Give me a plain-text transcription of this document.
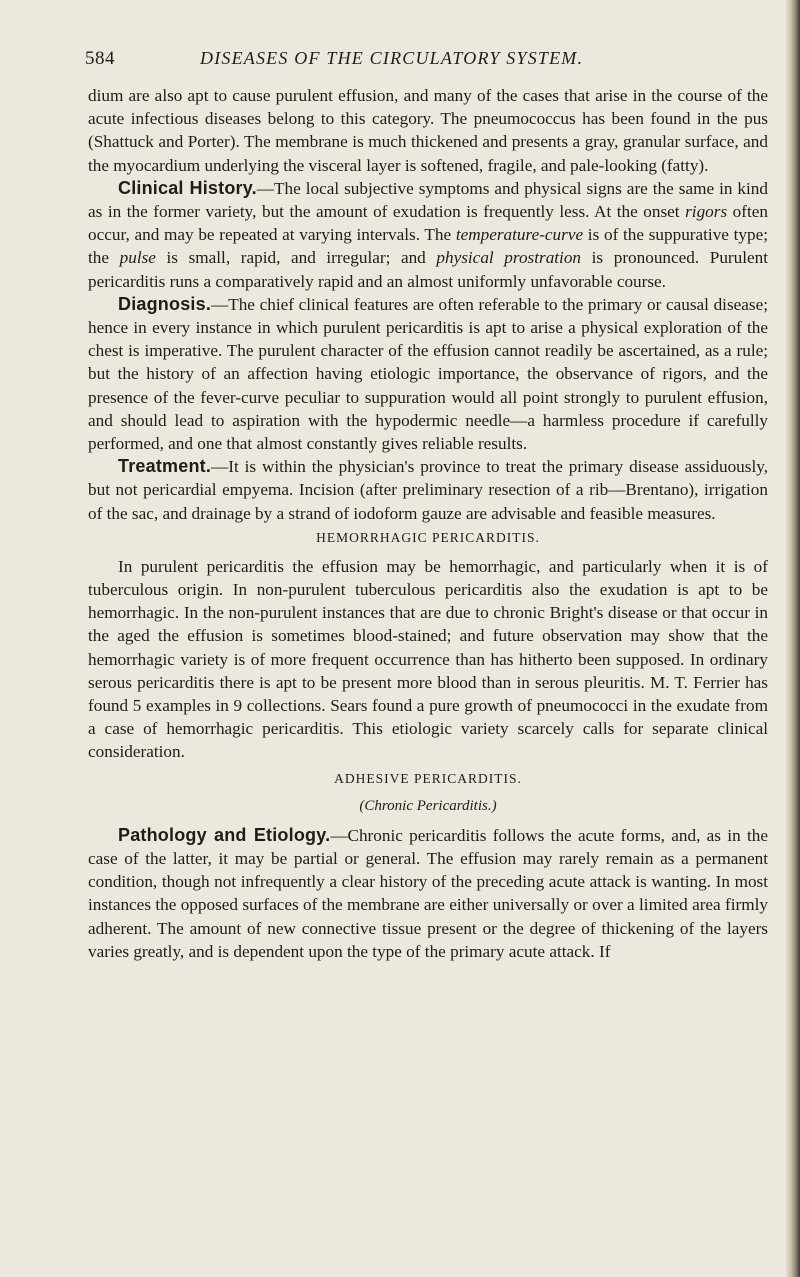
584	DISEASES OF THE CIRCULATORY SYSTEM.

dium are also apt to cause purulent effusion, and many of the cases that arise in the course of the acute infectious diseases belong to this category. The pneumococcus has been found in the pus (Shattuck and Porter). The membrane is much thickened and presents a gray, granular surface, and the myocardium underlying the visceral layer is softened, fragile, and pale-looking (fatty).

Clinical History.—The local subjective symptoms and physical signs are the same in kind as in the former variety, but the amount of exudation is frequently less. At the onset rigors often occur, and may be repeated at varying intervals. The temperature-curve is of the suppurative type; the pulse is small, rapid, and irregular; and physical prostration is pronounced. Purulent pericarditis runs a comparatively rapid and an almost uniformly unfavorable course.

Diagnosis.—The chief clinical features are often referable to the primary or causal disease; hence in every instance in which purulent pericarditis is apt to arise a physical exploration of the chest is imperative. The purulent character of the effusion cannot readily be ascertained, as a rule; but the history of an affection having etiologic importance, the observance of rigors, and the presence of the fever-curve peculiar to suppuration would all point strongly to purulent effusion, and should lead to aspiration with the hypodermic needle—a harmless procedure if carefully performed, and one that almost constantly gives reliable results.

Treatment.—It is within the physician's province to treat the primary disease assiduously, but not pericardial empyema. Incision (after preliminary resection of a rib—Brentano), irrigation of the sac, and drainage by a strand of iodoform gauze are advisable and feasible measures.

HEMORRHAGIC PERICARDITIS.

In purulent pericarditis the effusion may be hemorrhagic, and particularly when it is of tuberculous origin. In non-purulent tuberculous pericarditis also the exudation is apt to be hemorrhagic. In the non-purulent instances that are due to chronic Bright's disease or that occur in the aged the effusion is sometimes blood-stained; and future observation may show that the hemorrhagic variety is of more frequent occurrence than has hitherto been supposed. In ordinary serous pericarditis there is apt to be present more blood than in serous pleuritis. M. T. Ferrier has found 5 examples in 9 collections. Sears found a pure growth of pneumococci in the exudate from a case of hemorrhagic pericarditis. This etiologic variety scarcely calls for separate clinical consideration.

ADHESIVE PERICARDITIS.
(Chronic Pericarditis.)

Pathology and Etiology.—Chronic pericarditis follows the acute forms, and, as in the case of the latter, it may be partial or general. The effusion may rarely remain as a permanent condition, though not infrequently a clear history of the preceding acute attack is wanting. In most instances the opposed surfaces of the membrane are either universally or over a limited area firmly adherent. The amount of new connective tissue present or the degree of thickening of the layers varies greatly, and is dependent upon the type of the primary acute attack. If
